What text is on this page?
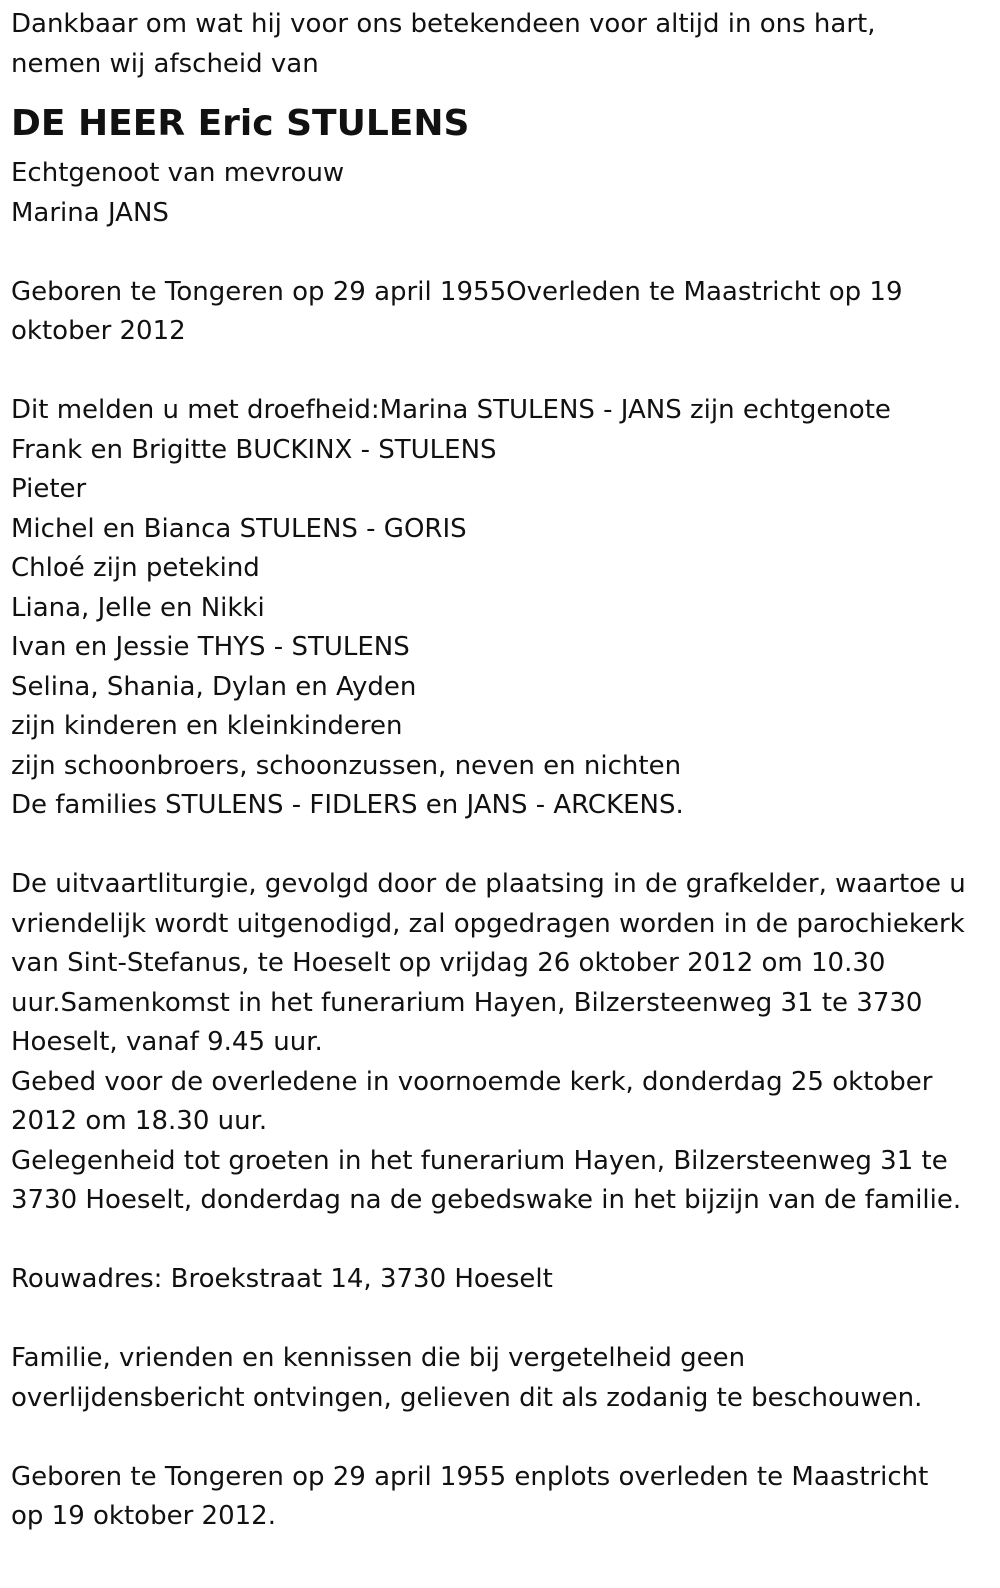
Dankbaar om wat hij voor ons betekendeen voor altijd in ons hart,

nemen wij afscheid van

DE HEER Eric STULENS

Echtgenoot van mevrouw

Marina JANS

Geboren te Tongeren op 29 april 1955Overleden te Maastricht op 19

oktober 2012

Dit melden u met droefheid:Marina STULENS - JANS zijn echtgenote

Frank en Brigitte BUCKINX - STULENS

Pieter

Michel en Bianca STULENS - GORIS

Chloé zijn petekind

Liana, Jelle en Nikki

Ivan en Jessie THYS - STULENS

Selina, Shania, Dylan en Ayden

zijn kinderen en kleinkinderen

zijn schoonbroers, schoonzussen, neven en nichten

De families STULENS - FIDLERS en JANS - ARCKENS.

De uitvaartliturgie, gevolgd door de plaatsing in de grafkelder, waartoe u

vriendelijk wordt uitgenodigd, zal opgedragen worden in de parochiekerk

van Sint-Stefanus, te Hoeselt op vrijdag 26 oktober 2012 om 10.30

uur.Samenkomst in het funerarium Hayen, Bilzersteenweg 31 te 3730

Hoeselt, vanaf 9.45 uur.

Gebed voor de overledene in voornoemde kerk, donderdag 25 oktober

2012 om 18.30 uur.

Gelegenheid tot groeten in het funerarium Hayen, Bilzersteenweg 31 te

3730 Hoeselt, donderdag na de gebedswake in het bijzijn van de familie.

Rouwadres: Broekstraat 14, 3730 Hoeselt

Familie, vrienden en kennissen die bij vergetelheid geen

overlijdensbericht ontvingen, gelieven dit als zodanig te beschouwen.

Geboren te Tongeren op 29 april 1955 enplots overleden te Maastricht

op 19 oktober 2012.
